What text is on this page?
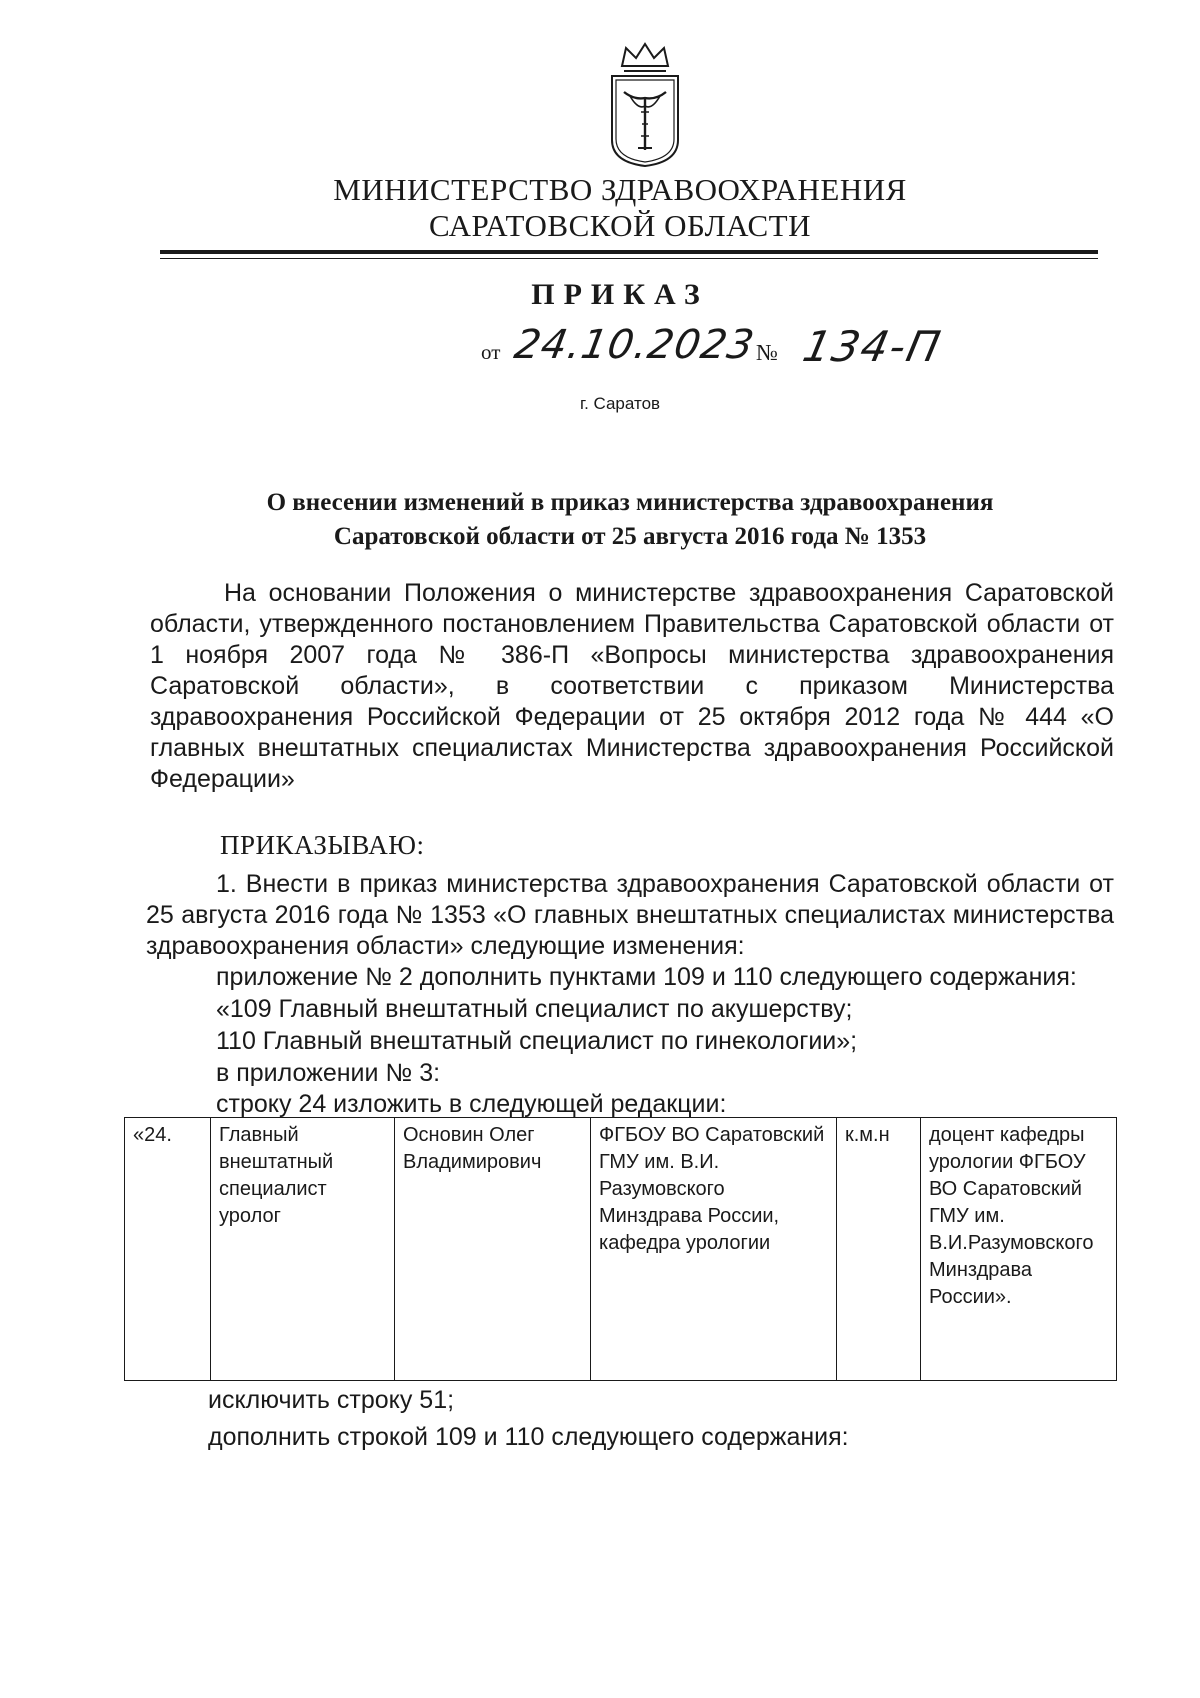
МИНИСТЕРСТВО ЗДРАВООХРАНЕНИЯ
САРАТОВСКОЙ ОБЛАСТИ
ПРИКАЗ
от 24.10.2023
№ 134-П
г. Саратов
О внесении изменений в приказ министерства здравоохранения
Саратовской области от 25 августа 2016 года № 1353
На основании Положения о министерстве здравоохранения Саратовской области, утвержденного постановлением Правительства Саратовской области от 1 ноября 2007 года № 386-П «Вопросы министерства здравоохранения Саратовской области», в соответствии с приказом Министерства здравоохранения Российской Федерации от 25 октября 2012 года № 444 «О главных внештатных специалистах Министерства здравоохранения Российской Федерации»
ПРИКАЗЫВАЮ:
1. Внести в приказ министерства здравоохранения Саратовской области от 25 августа 2016 года № 1353 «О главных внештатных специалистах министерства здравоохранения области» следующие изменения:
приложение № 2 дополнить пунктами 109 и 110 следующего содержания:
«109 Главный внештатный специалист по акушерству;
110 Главный внештатный специалист по гинекологии»;
в приложении № 3:
строку 24 изложить в следующей редакции:
«24.	Главный внештатный специалист уролог	Основин Олег Владимирович	ФГБОУ ВО Саратовский ГМУ им. В.И. Разумовского Минздрава России, кафедра урологии	к.м.н	доцент кафедры урологии ФГБОУ ВО Саратовский ГМУ им. В.И.Разумовского Минздрава России».
исключить строку 51;
дополнить строкой 109 и 110 следующего содержания:
